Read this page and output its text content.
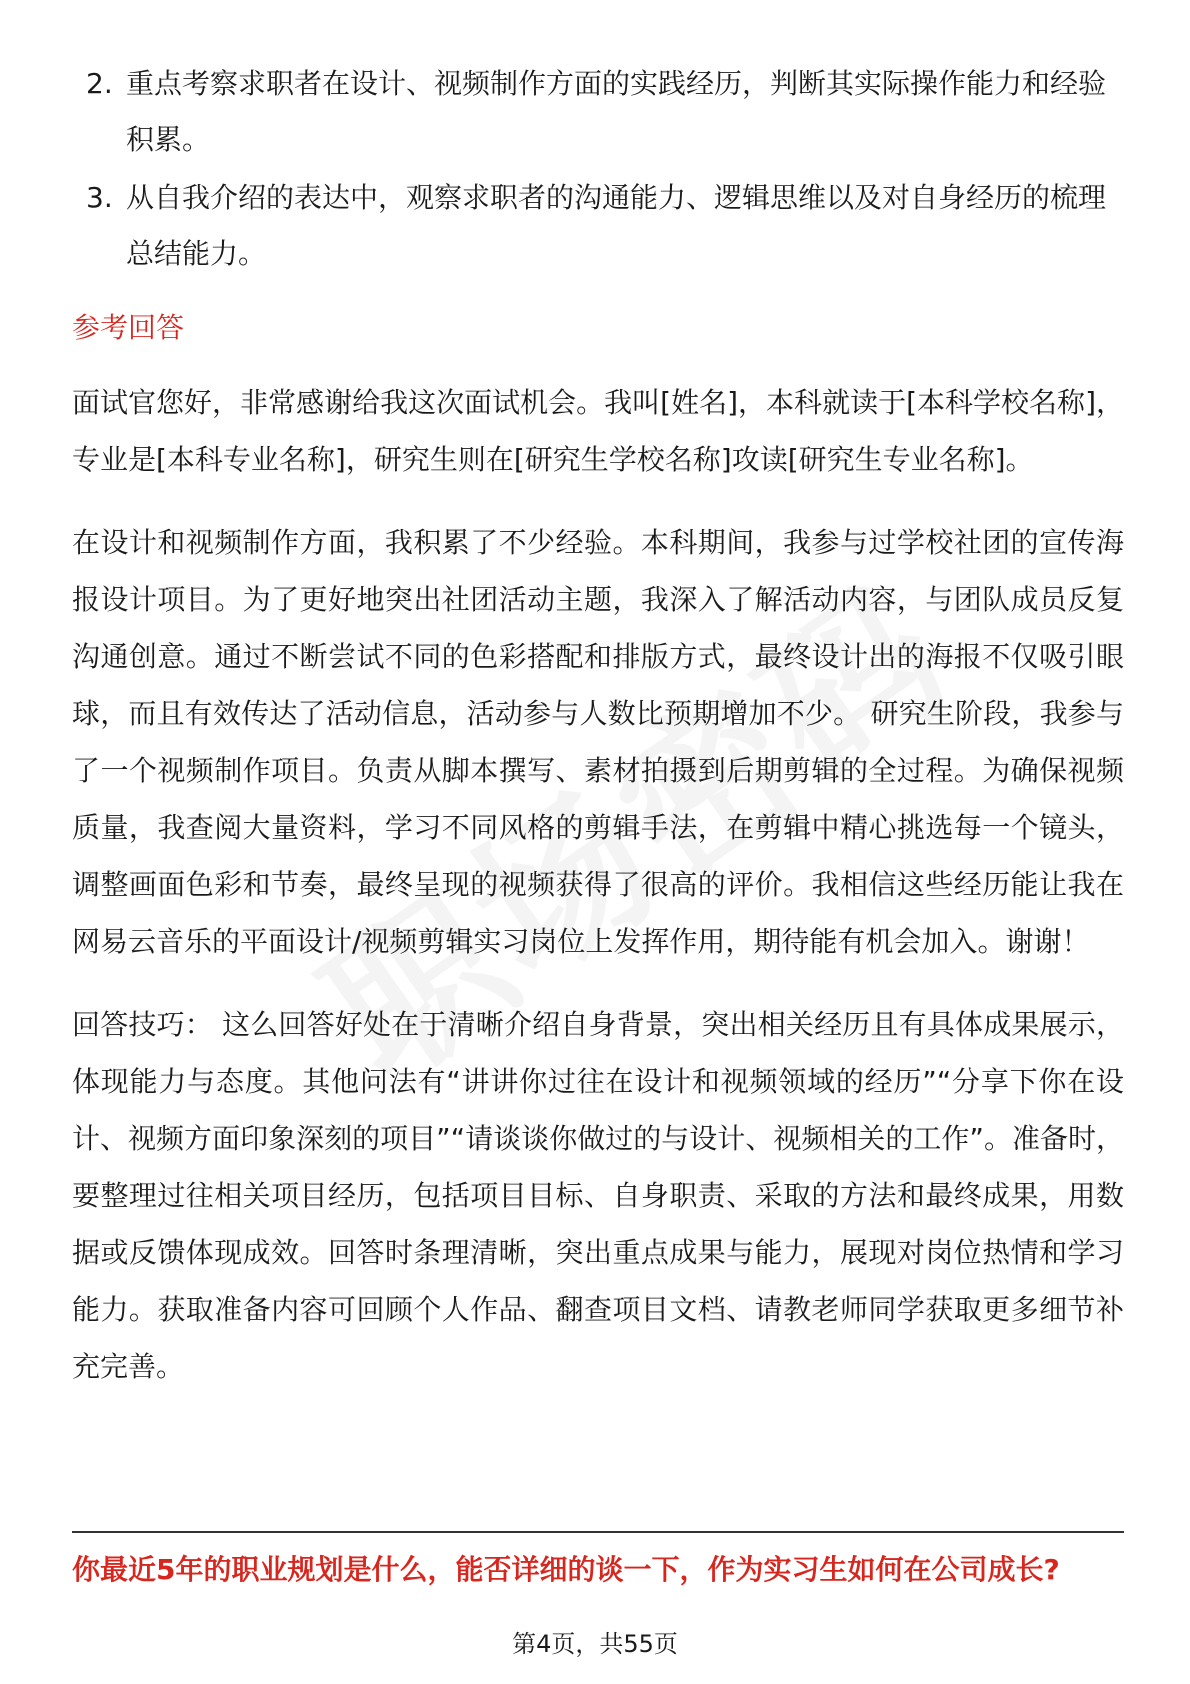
2. 重点考察求职者在设计、视频制作方面的实践经历，判断其实际操作能力和经验积累。
3. 从自我介绍的表达中，观察求职者的沟通能力、逻辑思维以及对自身经历的梳理总结能力。
参考回答

面试官您好，非常感谢给我这次面试机会。我叫[姓名]，本科就读于[本科学校名称]，专业是[本科专业名称]，研究生则在[研究生学校名称]攻读[研究生专业名称]。

在设计和视频制作方面，我积累了不少经验。本科期间，我参与过学校社团的宣传海报设计项目。为了更好地突出社团活动主题，我深入了解活动内容，与团队成员反复沟通创意。通过不断尝试不同的色彩搭配和排版方式，最终设计出的海报不仅吸引眼球，而且有效传达了活动信息，活动参与人数比预期增加不少。 研究生阶段，我参与了一个视频制作项目。负责从脚本撰写、素材拍摄到后期剪辑的全过程。为确保视频质量，我查阅大量资料，学习不同风格的剪辑手法，在剪辑中精心挑选每一个镜头，调整画面色彩和节奏，最终呈现的视频获得了很高的评价。我相信这些经历能让我在网易云音乐的平面设计/视频剪辑实习岗位上发挥作用，期待能有机会加入。谢谢！

回答技巧： 这么回答好处在于清晰介绍自身背景，突出相关经历且有具体成果展示，体现能力与态度。其他问法有“讲讲你过往在设计和视频领域的经历”“分享下你在设计、视频方面印象深刻的项目”“请谈谈你做过的与设计、视频相关的工作”。准备时，要整理过往相关项目经历，包括项目目标、自身职责、采取的方法和最终成果，用数据或反馈体现成效。回答时条理清晰，突出重点成果与能力，展现对岗位热情和学习能力。获取准备内容可回顾个人作品、翻查项目文档、请教老师同学获取更多细节补充完善。

你最近5年的职业规划是什么，能否详细的谈一下，作为实习生如何在公司成长?
第4页，共55页
